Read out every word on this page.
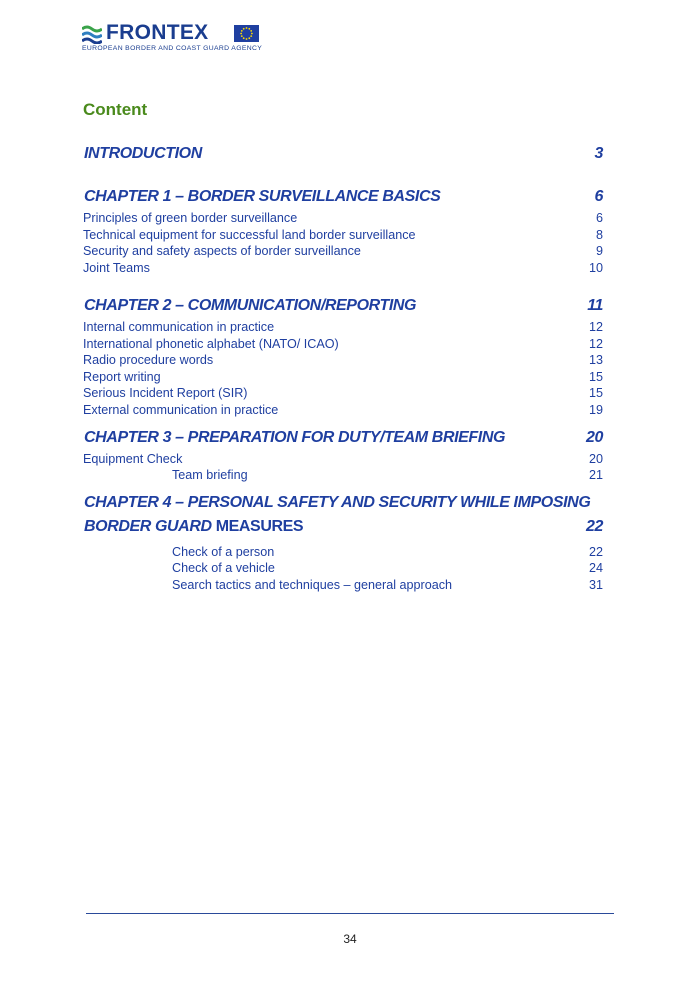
FRONTEX
EUROPEAN BORDER AND COAST GUARD AGENCY
Content
INTRODUCTION	3
CHAPTER 1 – BORDER SURVEILLANCE BASICS	6
Principles of green border surveillance	6
Technical equipment for successful land border surveillance	8
Security and safety aspects of border surveillance	9
Joint Teams	10
CHAPTER 2 – COMMUNICATION/REPORTING	11
Internal communication in practice	12
International phonetic alphabet (NATO/ ICAO)	12
Radio procedure words	13
Report writing	15
Serious Incident Report (SIR)	15
External communication in practice	19
CHAPTER 3 – PREPARATION FOR DUTY/TEAM BRIEFING	20
Equipment Check	20
Team briefing	21
CHAPTER 4 – PERSONAL SAFETY AND SECURITY WHILE IMPOSING
BORDER GUARD MEASURES	22
Check of a person	22
Check of a vehicle	24
Search tactics and techniques – general approach	31
34
